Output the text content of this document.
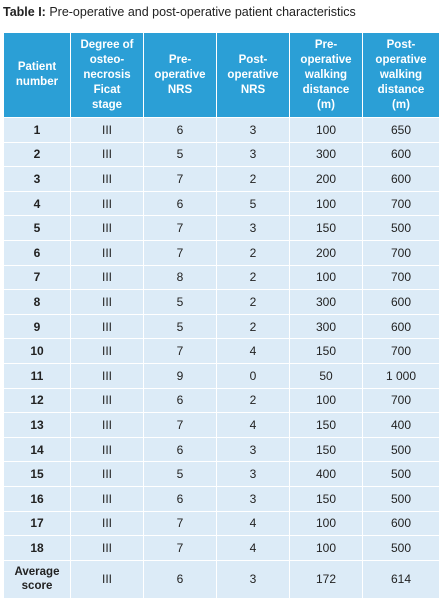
Table I: Pre-operative and post-operative patient characteristics
Patient
number	Degree of
osteo-
necrosis
Ficat
stage	Pre-
operative
NRS	Post-
operative
NRS	Pre-
operative
walking
distance
(m)	Post-
operative
walking
distance
(m)
1	III	6	3	100	650
2	III	5	3	300	600
3	III	7	2	200	600
4	III	6	5	100	700
5	III	7	3	150	500
6	III	7	2	200	700
7	III	8	2	100	700
8	III	5	2	300	600
9	III	5	2	300	600
10	III	7	4	150	700
11	III	9	0	50	1 000
12	III	6	2	100	700
13	III	7	4	150	400
14	III	6	3	150	500
15	III	5	3	400	500
16	III	6	3	150	500
17	III	7	4	100	600
18	III	7	4	100	500
Average
score	III	6	3	172	614
